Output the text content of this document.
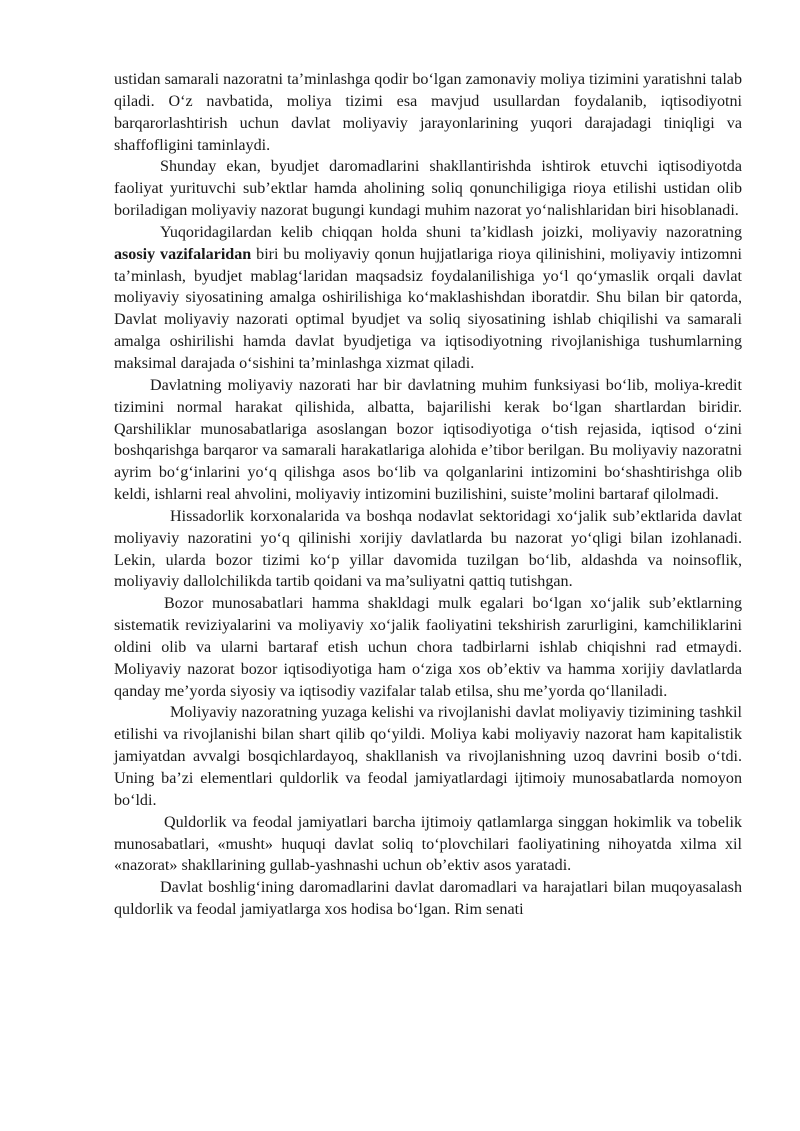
ustidan samarali nazoratni ta’minlashga qodir bo‘lgan zamonaviy moliya tizimini yaratishni talab qiladi. O‘z navbatida, moliya tizimi esa mavjud usullardan foydalanib, iqtisodiyotni barqarorlashtirish uchun davlat moliyaviy jarayonlarining yuqori darajadagi tiniqligi va shaffofligini taminlaydi.

Shunday ekan, byudjet daromadlarini shakllantirishda ishtirok etuvchi iqtisodiyotda faoliyat yurituvchi sub’ektlar hamda aholining soliq qonunchiligiga rioya etilishi ustidan olib boriladigan moliyaviy nazorat bugungi kundagi muhim nazorat yo‘nalishlaridan biri hisoblanadi.

Yuqoridagilardan kelib chiqqan holda shuni ta’kidlash joizki, moliyaviy nazoratning asosiy vazifalaridan biri bu moliyaviy qonun hujjatlariga rioya qilinishini, moliyaviy intizomni ta’minlash, byudjet mablag‘laridan maqsadsiz foydalanilishiga yo‘l qo‘ymaslik orqali davlat moliyaviy siyosatining amalga oshirilishiga ko‘maklashishdan iboratdir. Shu bilan bir qatorda, Davlat moliyaviy nazorati optimal byudjet va soliq siyosatining ishlab chiqilishi va samarali amalga oshirilishi hamda davlat byudjetiga va iqtisodiyotning rivojlanishiga tushumlarning maksimal darajada o‘sishini ta’minlashga xizmat qiladi.

Davlatning moliyaviy nazorati har bir davlatning muhim funksiyasi bo‘lib, moliya-kredit tizimini normal harakat qilishida, albatta, bajarilishi kerak bo‘lgan shartlardan biridir. Qarshiliklar munosabatlariga asoslangan bozor iqtisodiyotiga o‘tish rejasida, iqtisod o‘zini boshqarishga barqaror va samarali harakatlariga alohida e’tibor berilgan. Bu moliyaviy nazoratni ayrim bo‘g‘inlarini yo‘q qilishga asos bo‘lib va qolganlarini intizomini bo‘shashtirishga olib keldi, ishlarni real ahvolini, moliyaviy intizomini buzilishini, suiste’molini bartaraf qilolmadi.

Hissadorlik korxonalarida va boshqa nodavlat sektoridagi xo‘jalik sub’ektlarida davlat moliyaviy nazoratini yo‘q qilinishi xorijiy davlatlarda bu nazorat yo‘qligi bilan izohlanadi. Lekin, ularda bozor tizimi ko‘p yillar davomida tuzilgan bo‘lib, aldashda va noinsoflik, moliyaviy dallolchilikda tartib qoidani va ma’suliyatni qattiq tutishgan.

Bozor munosabatlari hamma shakldagi mulk egalari bo‘lgan xo‘jalik sub’ektlarning sistematik reviziyalarini va moliyaviy xo‘jalik faoliyatini tekshirish zarurligini, kamchiliklarini oldini olib va ularni bartaraf etish uchun chora tadbirlarni ishlab chiqishni rad etmaydi. Moliyaviy nazorat bozor iqtisodiyotiga ham o‘ziga xos ob’ektiv va hamma xorijiy davlatlarda qanday me’yorda siyosiy va iqtisodiy vazifalar talab etilsa, shu me’yorda qo‘llaniladi.

Moliyaviy nazoratning yuzaga kelishi va rivojlanishi davlat moliyaviy tizimining tashkil etilishi va rivojlanishi bilan shart qilib qo‘yildi. Moliya kabi moliyaviy nazorat ham kapitalistik jamiyatdan avvalgi bosqichlardayoq, shakllanish va rivojlanishning uzoq davrini bosib o‘tdi. Uning ba’zi elementlari quldorlik va feodal jamiyatlardagi ijtimoiy munosabatlarda nomoyon bo‘ldi.

Quldorlik va feodal jamiyatlari barcha ijtimoiy qatlamlarga singgan hokimlik va tobelik munosabatlari, «musht» huquqi davlat soliq to‘plovchilari faoliyatining nihoyatda xilma xil «nazorat» shakllarining gullab-yashnashi uchun ob’ektiv asos yaratadi.

Davlat boshlig‘ining daromadlarini davlat daromadlari va harajatlari bilan muqoyasalash quldorlik va feodal jamiyatlarga xos hodisa bo‘lgan. Rim senati
